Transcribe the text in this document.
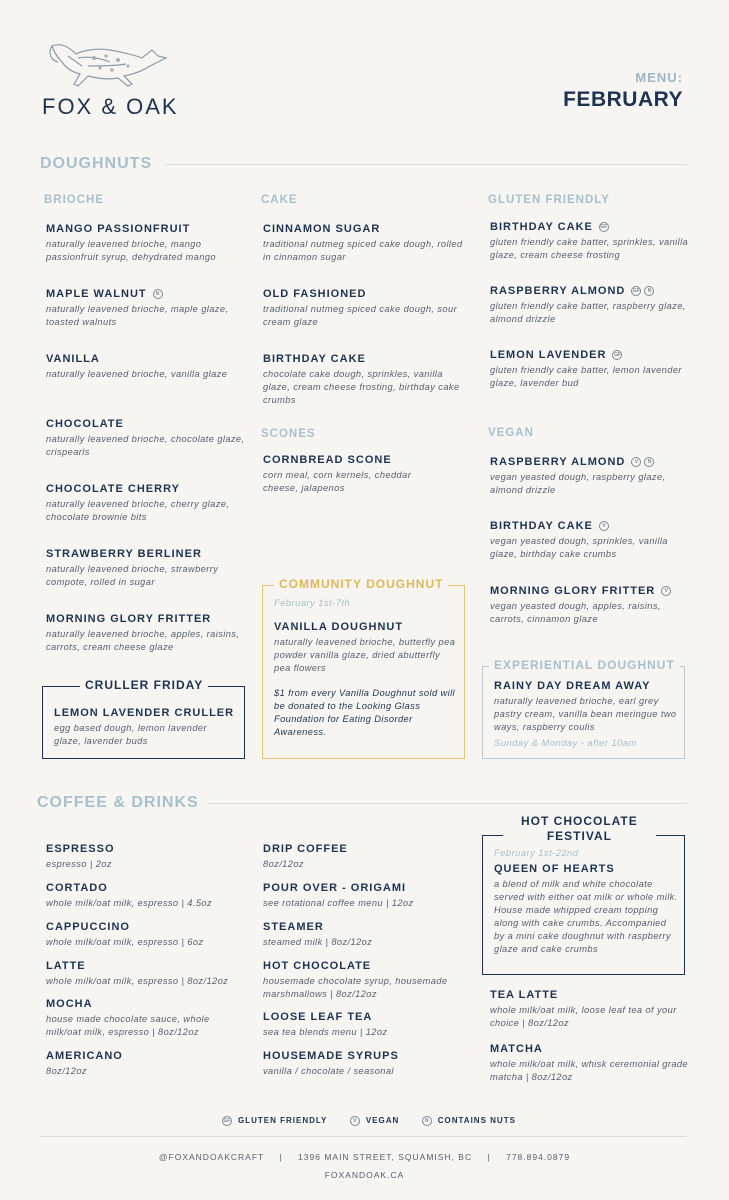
FOX & OAK
MENU:
FEBRUARY
DOUGHNUTS
BRIOCHE	CAKE	GLUTEN FRIENDLY
MANGO PASSIONFRUIT
naturally leavened brioche, mango passionfruit syrup, dehydrated mango
MAPLE WALNUT N
naturally leavened brioche, maple glaze, toasted walnuts
VANILLA
naturally leavened brioche, vanilla glaze
CHOCOLATE
naturally leavened brioche, chocolate glaze, crispearls
CHOCOLATE CHERRY
naturally leavened brioche, cherry glaze, chocolate brownie bits
STRAWBERRY BERLINER
naturally leavened brioche, strawberry compote, rolled in sugar
MORNING GLORY FRITTER
naturally leavened brioche, apples, raisins, carrots, cream cheese glaze
CRULLER FRIDAY
LEMON LAVENDER CRULLER
egg based dough, lemon lavender glaze, lavender buds
CINNAMON SUGAR
traditional nutmeg spiced cake dough, rolled in cinnamon sugar
OLD FASHIONED
traditional nutmeg spiced cake dough, sour cream glaze
BIRTHDAY CAKE
chocolate cake dough, sprinkles, vanilla glaze, cream cheese frosting, birthday cake crumbs
SCONES
CORNBREAD SCONE
corn meal, corn kernels, cheddar cheese, jalapenos
COMMUNITY DOUGHNUT
February 1st-7th
VANILLA DOUGHNUT
naturally leavened brioche, butterfly pea powder vanilla glaze, dried abutterfly pea flowers
$1 from every Vanilla Doughnut sold will be donated to the Looking Glass Foundation for Eating Disorder Awareness.
BIRTHDAY CAKE GF
gluten friendly cake batter, sprinkles, vanilla glaze, cream cheese frosting
RASPBERRY ALMOND GF N
gluten friendly cake batter, raspberry glaze, almond drizzle
LEMON LAVENDER GF
gluten friendly cake batter, lemon lavender glaze, lavender bud
VEGAN
RASPBERRY ALMOND V N
vegan yeasted dough, raspberry glaze, almond drizzle
BIRTHDAY CAKE V
vegan yeasted dough, sprinkles, vanilla glaze, birthday cake crumbs
MORNING GLORY FRITTER V
vegan yeasted dough, apples, raisins, carrots, cinnamon glaze
EXPERIENTIAL DOUGHNUT
RAINY DAY DREAM AWAY
naturally leavened brioche, earl grey pastry cream, vanilla bean meringue two ways, raspberry coulis
Sunday & Monday - after 10am
COFFEE & DRINKS
ESPRESSO
espresso | 2oz
CORTADO
whole milk/oat milk, espresso | 4.5oz
CAPPUCCINO
whole milk/oat milk, espresso | 6oz
LATTE
whole milk/oat milk, espresso | 8oz/12oz
MOCHA
house made chocolate sauce, whole milk/oat milk, espresso | 8oz/12oz
AMERICANO
8oz/12oz
DRIP COFFEE
8oz/12oz
POUR OVER - ORIGAMI
see rotational coffee menu | 12oz
STEAMER
steamed milk | 8oz/12oz
HOT CHOCOLATE
housemade chocolate syrup, housemade marshmallows | 8oz/12oz
LOOSE LEAF TEA
sea tea blends menu | 12oz
HOUSEMADE SYRUPS
vanilla / chocolate / seasonal
HOT CHOCOLATE
FESTIVAL
February 1st-22nd
QUEEN OF HEARTS
a blend of milk and white chocolate served with either oat milk or whole milk. House made whipped cream topping along with cake crumbs. Accompanied by a mini cake doughnut with raspberry glaze and cake crumbs
TEA LATTE
whole milk/oat milk, loose leaf tea of your choice | 8oz/12oz
MATCHA
whole milk/oat milk, whisk ceremonial grade matcha | 8oz/12oz
GF GLUTEN FRIENDLY	V VEGAN	N CONTAINS NUTS
@FOXANDOAKCRAFT | 1396 MAIN STREET, SQUAMISH, BC | 778.894.0879
FOXANDOAK.CA
